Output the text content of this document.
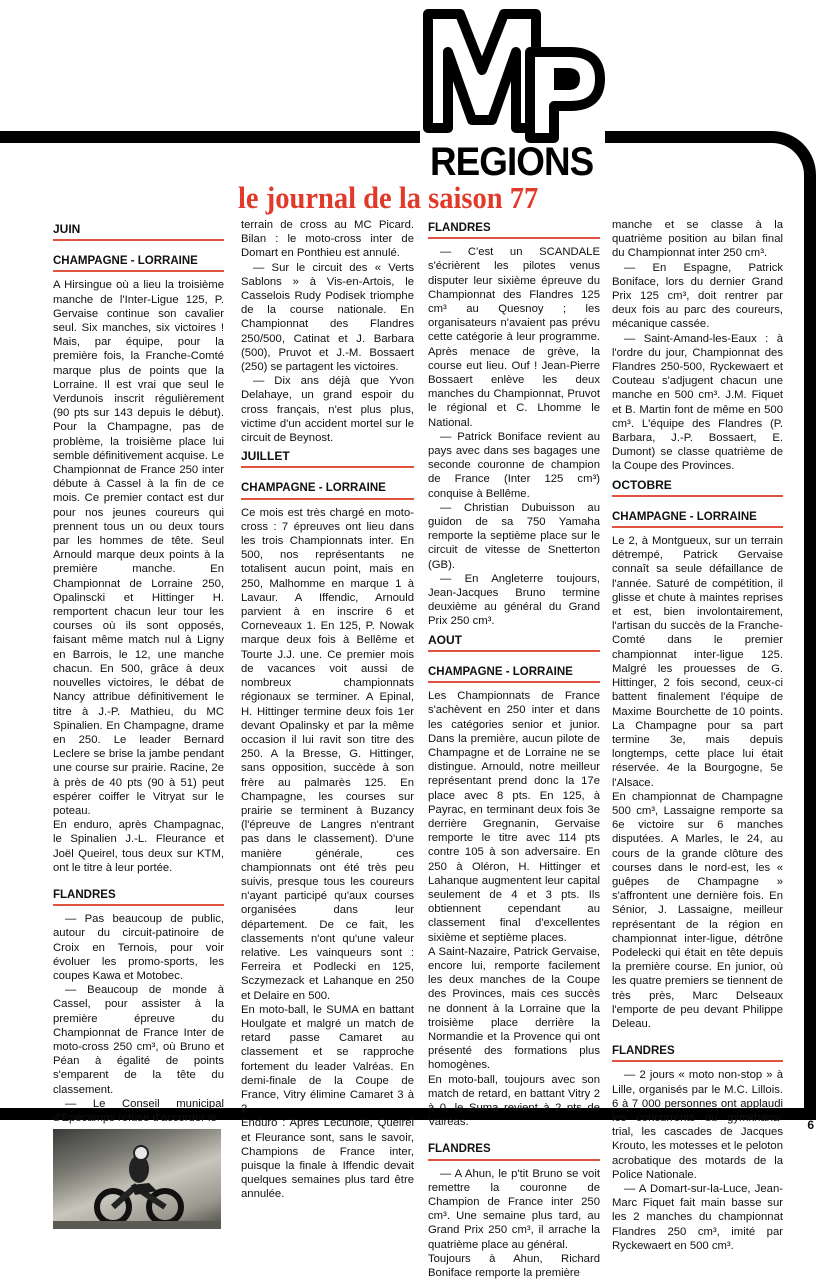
REGIONS
le journal de la saison 77
JUIN
CHAMPAGNE - LORRAINE

A Hirsingue où a lieu la troisième manche de l'Inter-Ligue 125, P. Gervaise continue son cavalier seul. Six manches, six victoires ! Mais, par équipe, pour la première fois, la Franche-Comté marque plus de points que la Lorraine. Il est vrai que seul le Verdunois inscrit régulièrement (90 pts sur 143 depuis le début). Pour la Champagne, pas de problème, la troisième place lui semble définitivement acquise. Le Championnat de France 250 inter débute à Cassel à la fin de ce mois. Ce premier contact est dur pour nos jeunes coureurs qui prennent tous un ou deux tours par les hommes de tête. Seul Arnould marque deux points à la première manche. En Championnat de Lorraine 250, Opalinscki et Hittinger H. remportent chacun leur tour les courses où ils sont opposés, faisant même match nul à Ligny en Barrois, le 12, une manche chacun. En 500, grâce à deux nouvelles victoires, le débat de Nancy attribue définitivement le titre à J.-P. Mathieu, du MC Spinalien. En Champagne, drame en 250. Le leader Bernard Leclere se brise la jambe pendant une course sur prairie. Racine, 2e à près de 40 pts (90 à 51) peut espérer coiffer le Vitryat sur le poteau.

En enduro, après Champagnac, le Spinalien J.-L. Fleurance et Joël Queirel, tous deux sur KTM, ont le titre à leur portée.

FLANDRES

— Pas beaucoup de public, autour du circuit-patinoire de Croix en Ternois, pour voir évoluer les promo-sports, les coupes Kawa et Motobec.

— Beaucoup de monde à Cassel, pour assister à la première épreuve du Championnat de France Inter de moto-cross 250 cm³, où Bruno et Péan à égalité de points s'emparent de la tête du classement.

— Le Conseil municipal d'Epécamps refuse d'accorder le

terrain de cross au MC Picard. Bilan : le moto-cross inter de Domart en Ponthieu est annulé.

— Sur le circuit des « Verts Sablons » à Vis-en-Artois, le Casselois Rudy Podisek triomphe de la course nationale. En Championnat des Flandres 250/500, Catinat et J. Barbara (500), Pruvot et J.-M. Bossaert (250) se partagent les victoires.

— Dix ans déjà que Yvon Delahaye, un grand espoir du cross français, n'est plus plus, victime d'un accident mortel sur le circuit de Beynost.

JUILLET
CHAMPAGNE - LORRAINE

Ce mois est très chargé en moto-cross : 7 épreuves ont lieu dans les trois Championnats inter. En 500, nos représentants ne totalisent aucun point, mais en 250, Malhomme en marque 1 à Lavaur. A Iffendic, Arnould parvient à en inscrire 6 et Corneveaux 1. En 125, P. Nowak marque deux fois à Bellême et Tourte J.J. une. Ce premier mois de vacances voit aussi de nombreux championnats régionaux se terminer. A Epinal, H. Hittinger termine deux fois 1er devant Opalinsky et par la même occasion il lui ravit son titre des 250. A la Bresse, G. Hittinger, sans opposition, succède à son frère au palmarès 125. En Champagne, les courses sur prairie se terminent à Buzancy (l'épreuve de Langres n'entrant pas dans le classement). D'une manière générale, ces championnats ont été très peu suivis, presque tous les coureurs n'ayant participé qu'aux courses organisées dans leur département. De ce fait, les classements n'ont qu'une valeur relative. Les vainqueurs sont : Ferreira et Podlecki en 125, Sczymezack et Lahanque en 250 et Delaire en 500.

En moto-ball, le SUMA en battant Houlgate et malgré un match de retard passe Camaret au classement et se rapproche fortement du leader Valréas. En demi-finale de la Coupe de France, Vitry élimine Camaret 3 à 2.

Enduro : Après Lecunolé, Queirel et Fleurance sont, sans le savoir, Champions de France inter, puisque la finale à Iffendic devait quelques semaines plus tard être annulée.

FLANDRES

— C'est un SCANDALE s'écrièrent les pilotes venus disputer leur sixième épreuve du Championnat des Flandres 125 cm³ au Quesnoy ; les organisateurs n'avaient pas prévu cette catégorie à leur programme. Après menace de grève, la course eut lieu. Ouf ! Jean-Pierre Bossaert enlève les deux manches du Championnat, Pruvot le régional et C. Lhomme le National.

— Patrick Boniface revient au pays avec dans ses bagages une seconde couronne de champion de France (Inter 125 cm³) conquise à Bellême.

— Christian Dubuisson au guidon de sa 750 Yamaha remporte la septième place sur le circuit de vitesse de Snetterton (GB).

— En Angleterre toujours, Jean-Jacques Bruno termine deuxième au général du Grand Prix 250 cm³.

AOUT
CHAMPAGNE - LORRAINE

Les Championnats de France s'achèvent en 250 inter et dans les catégories senior et junior. Dans la première, aucun pilote de Champagne et de Lorraine ne se distingue. Arnould, notre meilleur représentant prend donc la 17e place avec 8 pts. En 125, à Payrac, en terminant deux fois 3e derrière Gregnanin, Gervaise remporte le titre avec 114 pts contre 105 à son adversaire. En 250 à Oléron, H. Hittinger et Lahanque augmentent leur capital seulement de 4 et 3 pts. Ils obtiennent cependant au classement final d'excellentes sixième et septième places.

A Saint-Nazaire, Patrick Gervaise, encore lui, remporte facilement les deux manches de la Coupe des Provinces, mais ces succès ne donnent à la Lorraine que la troisième place derrière la Normandie et la Provence qui ont présenté des formations plus homogènes.

En moto-ball, toujours avec son match de retard, en battant Vitry 2 à 0, le Suma revient à 2 pts de Valréas.

FLANDRES

— A Ahun, le p'tit Bruno se voit remettre la couronne de Champion de France inter 250 cm³. Une semaine plus tard, au Grand Prix 250 cm³, il arrache la quatrième place au général.

Toujours à Ahun, Richard Boniface remporte la première

manche et se classe à la quatrième position au bilan final du Championnat inter 250 cm³.

— En Espagne, Patrick Boniface, lors du dernier Grand Prix 125 cm³, doit rentrer par deux fois au parc des coureurs, mécanique cassée.

— Saint-Amand-les-Eaux : à l'ordre du jour, Championnat des Flandres 250-500, Ryckewaert et Couteau s'adjugent chacun une manche en 500 cm³. J.M. Fiquet et B. Martin font de même en 500 cm³. L'équipe des Flandres (P. Barbara, J.-P. Bossaert, E. Dumont) se classe quatrième de la Coupe des Provinces.

OCTOBRE
CHAMPAGNE - LORRAINE

Le 2, à Montgueux, sur un terrain détrempé, Patrick Gervaise connaît sa seule défaillance de l'année. Saturé de compétition, il glisse et chute à maintes reprises et est, bien involontairement, l'artisan du succès de la Franche-Comté dans le premier championnat inter-ligue 125. Malgré les prouesses de G. Hittinger, 2 fois second, ceux-ci battent finalement l'équipe de Maxime Bourchette de 10 points. La Champagne pour sa part termine 3e, mais depuis longtemps, cette place lui était réservée. 4e la Bourgogne, 5e l'Alsace.

En championnat de Champagne 500 cm³, Lassaigne remporte sa 6e victoire sur 6 manches disputées. A Marles, le 24, au cours de la grande clôture des courses dans le nord-est, les « guêpes de Champagne » s'affrontent une dernière fois. En Sénior, J. Lassaigne, meilleur représentant de la région en championnat inter-ligue, détrône Podelecki qui était en tête depuis la première course. En junior, où les quatre premiers se tiennent de très près, Marc Delseaux l'emporte de peu devant Philippe Deleau.

FLANDRES

— 2 jours « moto non-stop » à Lille, organisés par le M.C. Lillois. 6 à 7 000 personnes ont applaudi les concurrents du gymkhana-trial, les cascades de Jacques Krouto, les motesses et le peloton acrobatique des motards de la Police Nationale.

— A Domart-sur-la-Luce, Jean-Marc Fiquet fait main basse sur les 2 manches du championnat Flandres 250 cm³, imité par Ryckewaert en 500 cm³.

6
